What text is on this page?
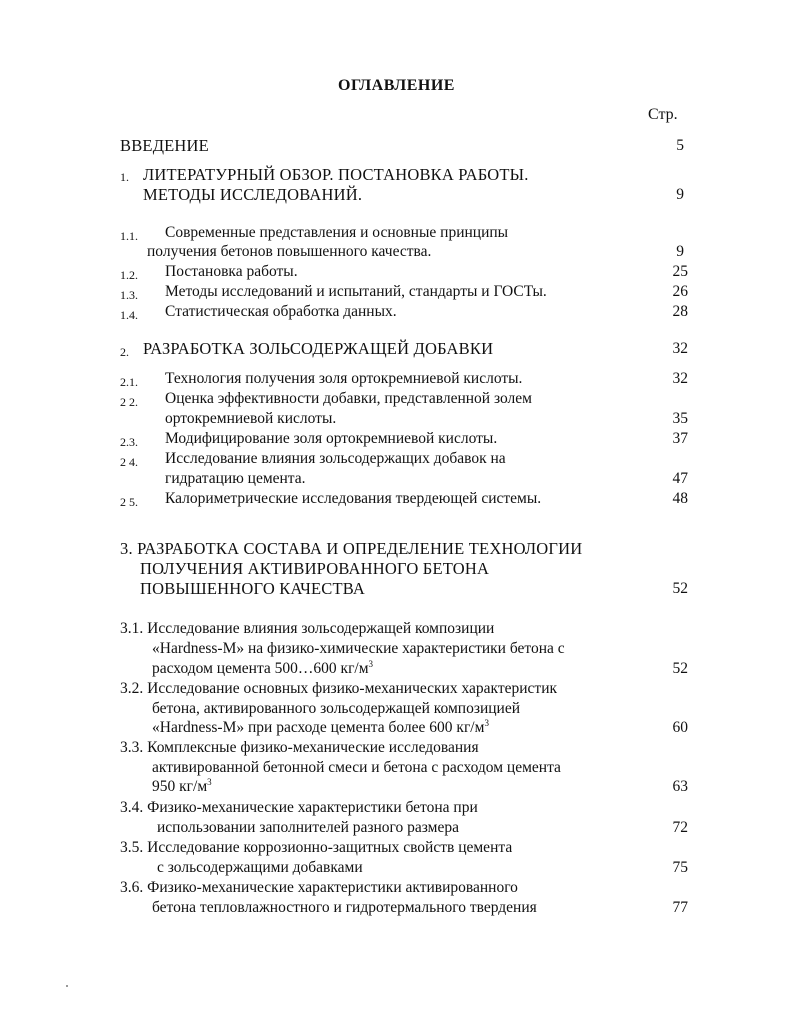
ОГЛАВЛЕНИЕ
Стр.
ВВЕДЕНИЕ	5
1. ЛИТЕРАТУРНЫЙ ОБЗОР. ПОСТАНОВКА РАБОТЫ.
МЕТОДЫ ИССЛЕДОВАНИЙ.	9
1.1. Современные представления и основные принципы
получения бетонов повышенного качества.	9
1.2. Постановка работы.	25
1.3. Методы исследований и испытаний, стандарты и ГОСТы.	26
1.4. Статистическая обработка данных.	28
2. РАЗРАБОТКА ЗОЛЬСОДЕРЖАЩЕЙ ДОБАВКИ	32
2.1. Технология получения золя ортокремниевой кислоты.	32
2 2. Оценка эффективности добавки, представленной золем
ортокремниевой кислоты.	35
2.3. Модифицирование золя ортокремниевой кислоты.	37
2 4. Исследование влияния зольсодержащих добавок на
гидратацию цемента.	47
2 5. Калориметрические исследования твердеющей системы.	48
3. РАЗРАБОТКА СОСТАВА И ОПРЕДЕЛЕНИЕ ТЕХНОЛОГИИ
ПОЛУЧЕНИЯ АКТИВИРОВАННОГО БЕТОНА
ПОВЫШЕННОГО КАЧЕСТВА	52
3.1. Исследование влияния зольсодержащей композиции
«Hardness-M» на физико-химические характеристики бетона с
расходом цемента 500…600 $кг/м^3$	52
3.2. Исследование основных физико-механических характеристик
бетона, активированного зольсодержащей композицией
«Hardness-M» при расходе цемента более 600 $кг/м^3$	60
3.3. Комплексные физико-механические исследования
активированной бетонной смеси и бетона с расходом цемента
950 $кг/м^3$	63
3.4. Физико-механические характеристики бетона при
использовании заполнителей разного размера	72
3.5. Исследование коррозионно-защитных свойств цемента
с зольсодержащими добавками	75
3.6. Физико-механические характеристики активированного
бетона тепловлажностного и гидротермального твердения	77
